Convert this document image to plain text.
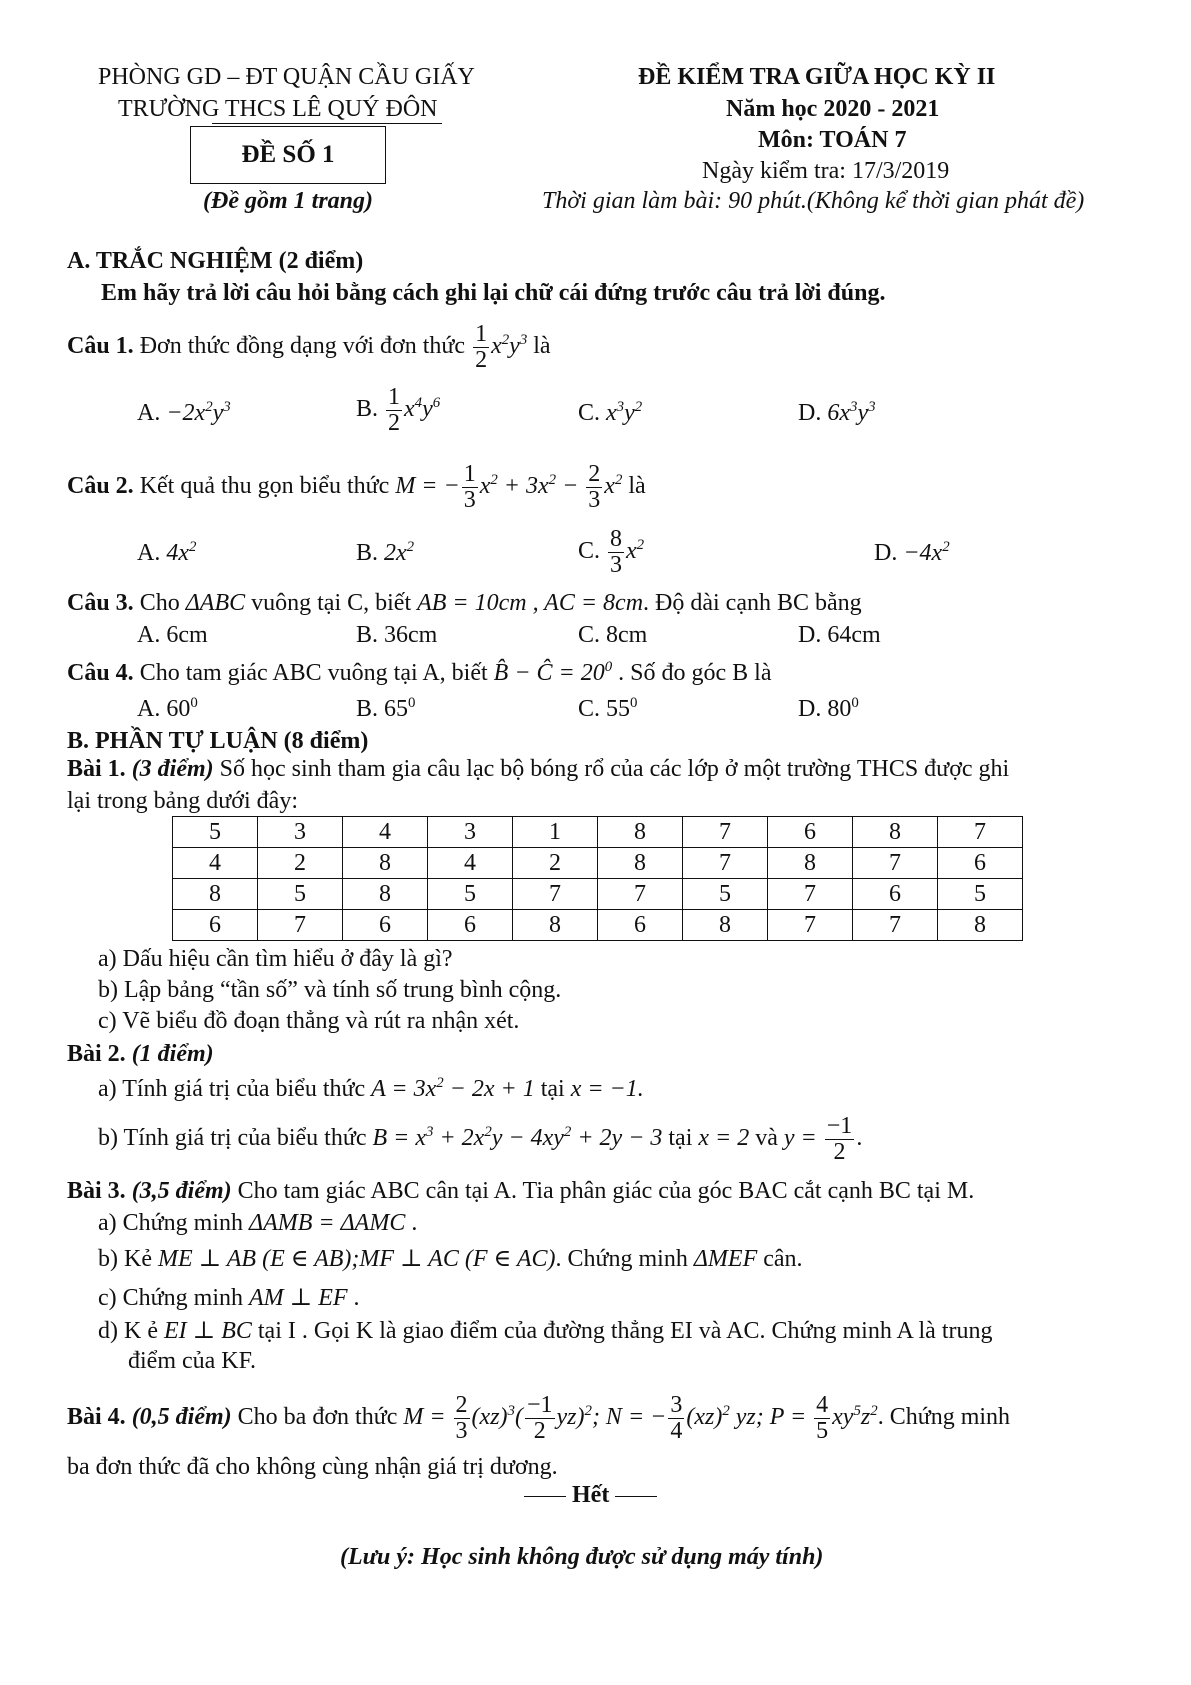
PHÒNG GD – ĐT QUẬN CẦU GIẤY
TRƯỜNG THCS LÊ QUÝ ĐÔN
ĐỀ SỐ 1
(Đề gồm 1 trang)
ĐỀ KIỂM TRA GIỮA HỌC KỲ II
Năm học 2020 - 2021
Môn: TOÁN 7
Ngày kiểm tra: 17/3/2019
Thời gian làm bài: 90 phút.(Không kể thời gian phát đề)
A. TRẮC NGHIỆM (2 điểm)
Em hãy trả lời câu hỏi bằng cách ghi lại chữ cái đứng trước câu trả lời đúng.
Câu 1. Đơn thức đồng dạng với đơn thức $\frac{1}{2} x^2y^3$ là
A. $-2x^2y^3$	B. $\frac{1}{2} x^4y^6$	C. $x^3y^2$	D. $6x^3y^3$
Câu 2. Kết quả thu gọn biểu thức M = − $\frac{1}{3} x^2 + 3x^2 - \frac{2}{3} x^2$ là
A. $4x^2$	B. $2x^2$	C. $\frac{8}{3} x^2$	D. $-4x^2$
Câu 3. Cho ΔABC vuông tại C, biết AB = 10cm , AC = 8cm. Độ dài cạnh BC bằng
A. 6cm	B. 36cm	C. 8cm	D. 64cm
Câu 4. Cho tam giác ABC vuông tại A, biết B̂ − Ĉ = $20^0$ . Số đo góc B là
A. $60^0$	B. $65^0$	C. $55^0$	D. $80^0$
B. PHẦN TỰ LUẬN (8 điểm)
Bài 1. (3 điểm) Số học sinh tham gia câu lạc bộ bóng rổ của các lớp ở một trường THCS được ghi
lại trong bảng dưới đây:
5	3	4	3	1	8	7	6	8	7
4	2	8	4	2	8	7	8	7	6
8	5	8	5	7	7	5	7	6	5
6	7	6	6	8	6	8	7	7	8
a) Dấu hiệu cần tìm hiểu ở đây là gì?
b) Lập bảng “tần số” và tính số trung bình cộng.
c) Vẽ biểu đồ đoạn thẳng và rút ra nhận xét.
Bài 2. (1 điểm)
a) Tính giá trị của biểu thức $A = 3x^2 - 2x + 1$ tại x = −1.
b) Tính giá trị của biểu thức $B = x^3 + 2x^2y - 4xy^2 + 2y - 3$ tại x = 2 và $y = \frac{-1}{2}$ .
Bài 3. (3,5 điểm) Cho tam giác ABC cân tại A. Tia phân giác của góc BAC cắt cạnh BC tại M.
a) Chứng minh ΔAMB = ΔAMC .
b) Kẻ ME ⊥ AB (E ∈ AB);MF ⊥ AC (F ∈ AC). Chứng minh ΔMEF cân.
c) Chứng minh AM ⊥ EF .
d) K ẻ EI ⊥ BC tại I . Gọi K là giao điểm của đường thẳng EI và AC. Chứng minh A là trung
điểm của KF.
Bài 4. (0,5 điểm) Cho ba đơn thức $M = \frac{2}{3} (xz)^3( \frac{-1}{2} yz)^2$; N = − $\frac{3}{4} (xz)^2$ yz; $P = \frac{4}{5} xy^5z^2$. Chứng minh
ba đơn thức đã cho không cùng nhận giá trị dương.
Hết
(Lưu ý: Học sinh không được sử dụng máy tính)
